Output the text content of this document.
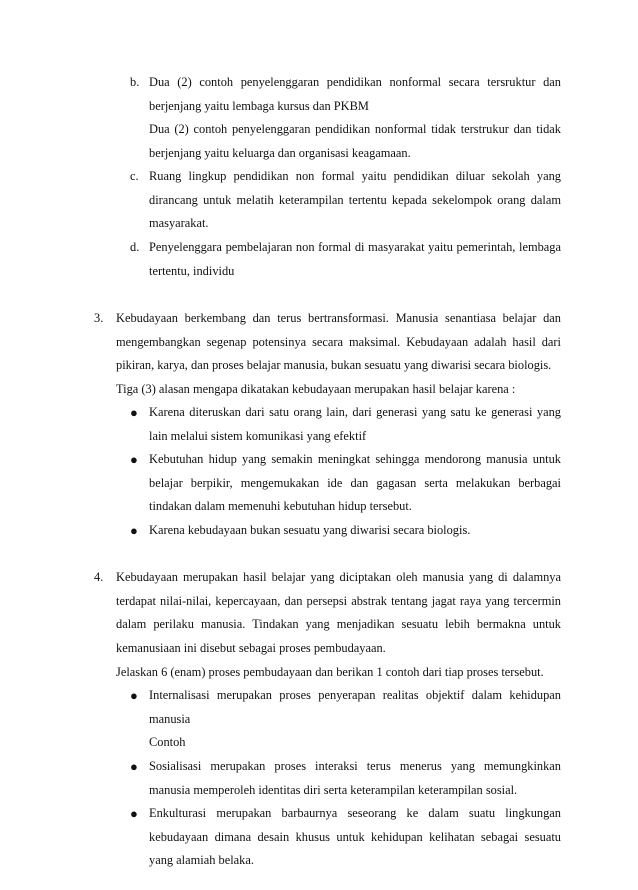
b. Dua (2) contoh penyelenggaran pendidikan nonformal secara tersruktur dan berjenjang yaitu lembaga kursus dan PKBM
Dua (2) contoh penyelenggaran pendidikan nonformal tidak terstrukur dan tidak berjenjang yaitu keluarga dan organisasi keagamaan.
c. Ruang lingkup pendidikan non formal yaitu pendidikan diluar sekolah yang dirancang untuk melatih keterampilan tertentu kepada sekelompok orang dalam masyarakat.
d. Penyelenggara pembelajaran non formal di masyarakat yaitu pemerintah, lembaga tertentu, individu
3.	Kebudayaan berkembang dan terus bertransformasi. Manusia senantiasa belajar dan mengembangkan segenap potensinya secara maksimal. Kebudayaan adalah hasil dari pikiran, karya, dan proses belajar manusia, bukan sesuatu yang diwarisi secara biologis.
Tiga (3) alasan mengapa dikatakan kebudayaan merupakan hasil belajar karena :
● Karena diteruskan dari satu orang lain, dari generasi yang satu ke generasi yang lain melalui sistem komunikasi yang efektif
● Kebutuhan hidup yang semakin meningkat sehingga mendorong manusia untuk belajar berpikir, mengemukakan ide dan gagasan serta melakukan berbagai tindakan dalam memenuhi kebutuhan hidup tersebut.
● Karena kebudayaan bukan sesuatu yang diwarisi secara biologis.
4.	Kebudayaan merupakan hasil belajar yang diciptakan oleh manusia yang di dalamnya terdapat nilai-nilai, kepercayaan, dan persepsi abstrak tentang jagat raya yang tercermin dalam perilaku manusia. Tindakan yang menjadikan sesuatu lebih bermakna untuk kemanusiaan ini disebut sebagai proses pembudayaan.
Jelaskan 6 (enam) proses pembudayaan dan berikan 1 contoh dari tiap proses tersebut.
● Internalisasi merupakan proses penyerapan realitas objektif dalam kehidupan manusia
Contoh
● Sosialisasi merupakan proses interaksi terus menerus yang memungkinkan manusia memperoleh identitas diri serta keterampilan keterampilan sosial.
● Enkulturasi merupakan barbaurnya seseorang ke dalam suatu lingkungan kebudayaan dimana desain khusus untuk kehidupan kelihatan sebagai sesuatu yang alamiah belaka.
